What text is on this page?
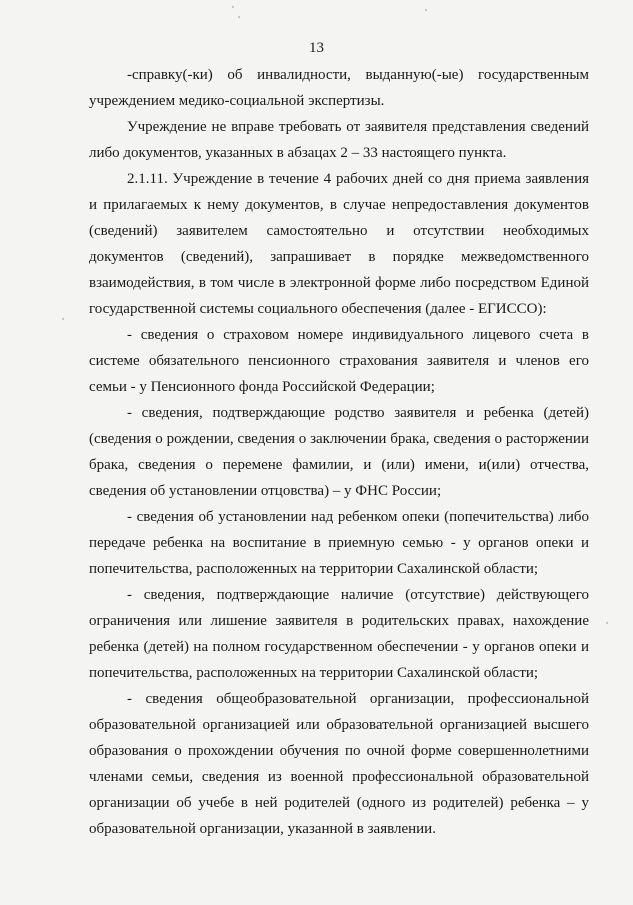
13

-справку(-ки) об инвалидности, выданную(-ые) государственным учреждением медико-социальной экспертизы.

Учреждение не вправе требовать от заявителя представления сведений либо документов, указанных в абзацах 2 – 33 настоящего пункта.

2.1.11. Учреждение в течение 4 рабочих дней со дня приема заявления и прилагаемых к нему документов, в случае непредоставления документов (сведений) заявителем самостоятельно и отсутствии необходимых документов (сведений), запрашивает в порядке межведомственного взаимодействия, в том числе в электронной форме либо посредством Единой государственной системы социального обеспечения (далее - ЕГИССО):

- сведения о страховом номере индивидуального лицевого счета в системе обязательного пенсионного страхования заявителя и членов его семьи - у Пенсионного фонда Российской Федерации;

- сведения, подтверждающие родство заявителя и ребенка (детей) (сведения о рождении, сведения о заключении брака, сведения о расторжении брака, сведения о перемене фамилии, и (или) имени, и(или) отчества, сведения об установлении отцовства) – у ФНС России;

- сведения об установлении над ребенком опеки (попечительства) либо передаче ребенка на воспитание в приемную семью - у органов опеки и попечительства, расположенных на территории Сахалинской области;

- сведения, подтверждающие наличие (отсутствие) действующего ограничения или лишение заявителя в родительских правах, нахождение ребенка (детей) на полном государственном обеспечении - у органов опеки и попечительства, расположенных на территории Сахалинской области;

- сведения общеобразовательной организации, профессиональной образовательной организацией или образовательной организацией высшего образования о прохождении обучения по очной форме совершеннолетними членами семьи, сведения из военной профессиональной образовательной организации об учебе в ней родителей (одного из родителей) ребенка – у образовательной организации, указанной в заявлении.
